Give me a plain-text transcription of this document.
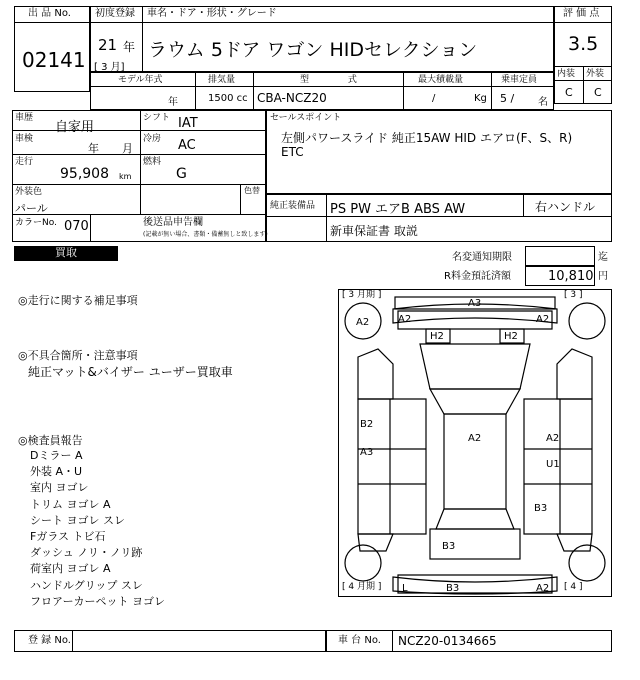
出 品 No.
02141
初度登録 車名・ドア・形状・グレード
21 年
[ 3 月]
ラウム 5ドア ワゴン HIDセレクション
評 価 点
3.5
内装 外装
C C
モデル年式	排気量	型 式	最大積載量	乗車定員
年	1500 cc CBA-NCZ20	/	Kg 5 / 名
車歴
自家用
シフト IAT
車検
年 月
冷房 AC
走行
95,908 km
燃料
G
外装色
パール
色替
カラーNo. 070	後送品申告欄
(記載が無い場合、書類・備蓄無しと致します)
セールスポイント
左側パワースライド 純正15AW HID エアロ(F、S、R)
ETC
純正装備品 PS PW エアB ABS AW	右ハンドル
新車保証書 取説
買取	名変通知期限	迄
R料金預託済額	10,810 円
◎走行に関する補足事項
◎不具合箇所・注意事項
純正マット&バイザー ユーザー買取車
◎検査員報告
Dミラー A
外装 A・U
室内 ヨゴレ
トリム ヨゴレ A
シート ヨゴレ スレ
Fガラス トビ石
ダッシュ ノリ・ノリ跡
荷室内 ヨゴレ A
ハンドルグリップ スレ
フロアーカーペット ヨゴレ
[ 3 月期 ]	[ 3 ]
[ 4 月期 ]	[ 4 ]
A3
A2	A2	A2
H2	H2
B2
A3
A2	A2
U1
B3
B3
L	B3	A2
登 録 No.	車 台 No. NCZ20-0134665
